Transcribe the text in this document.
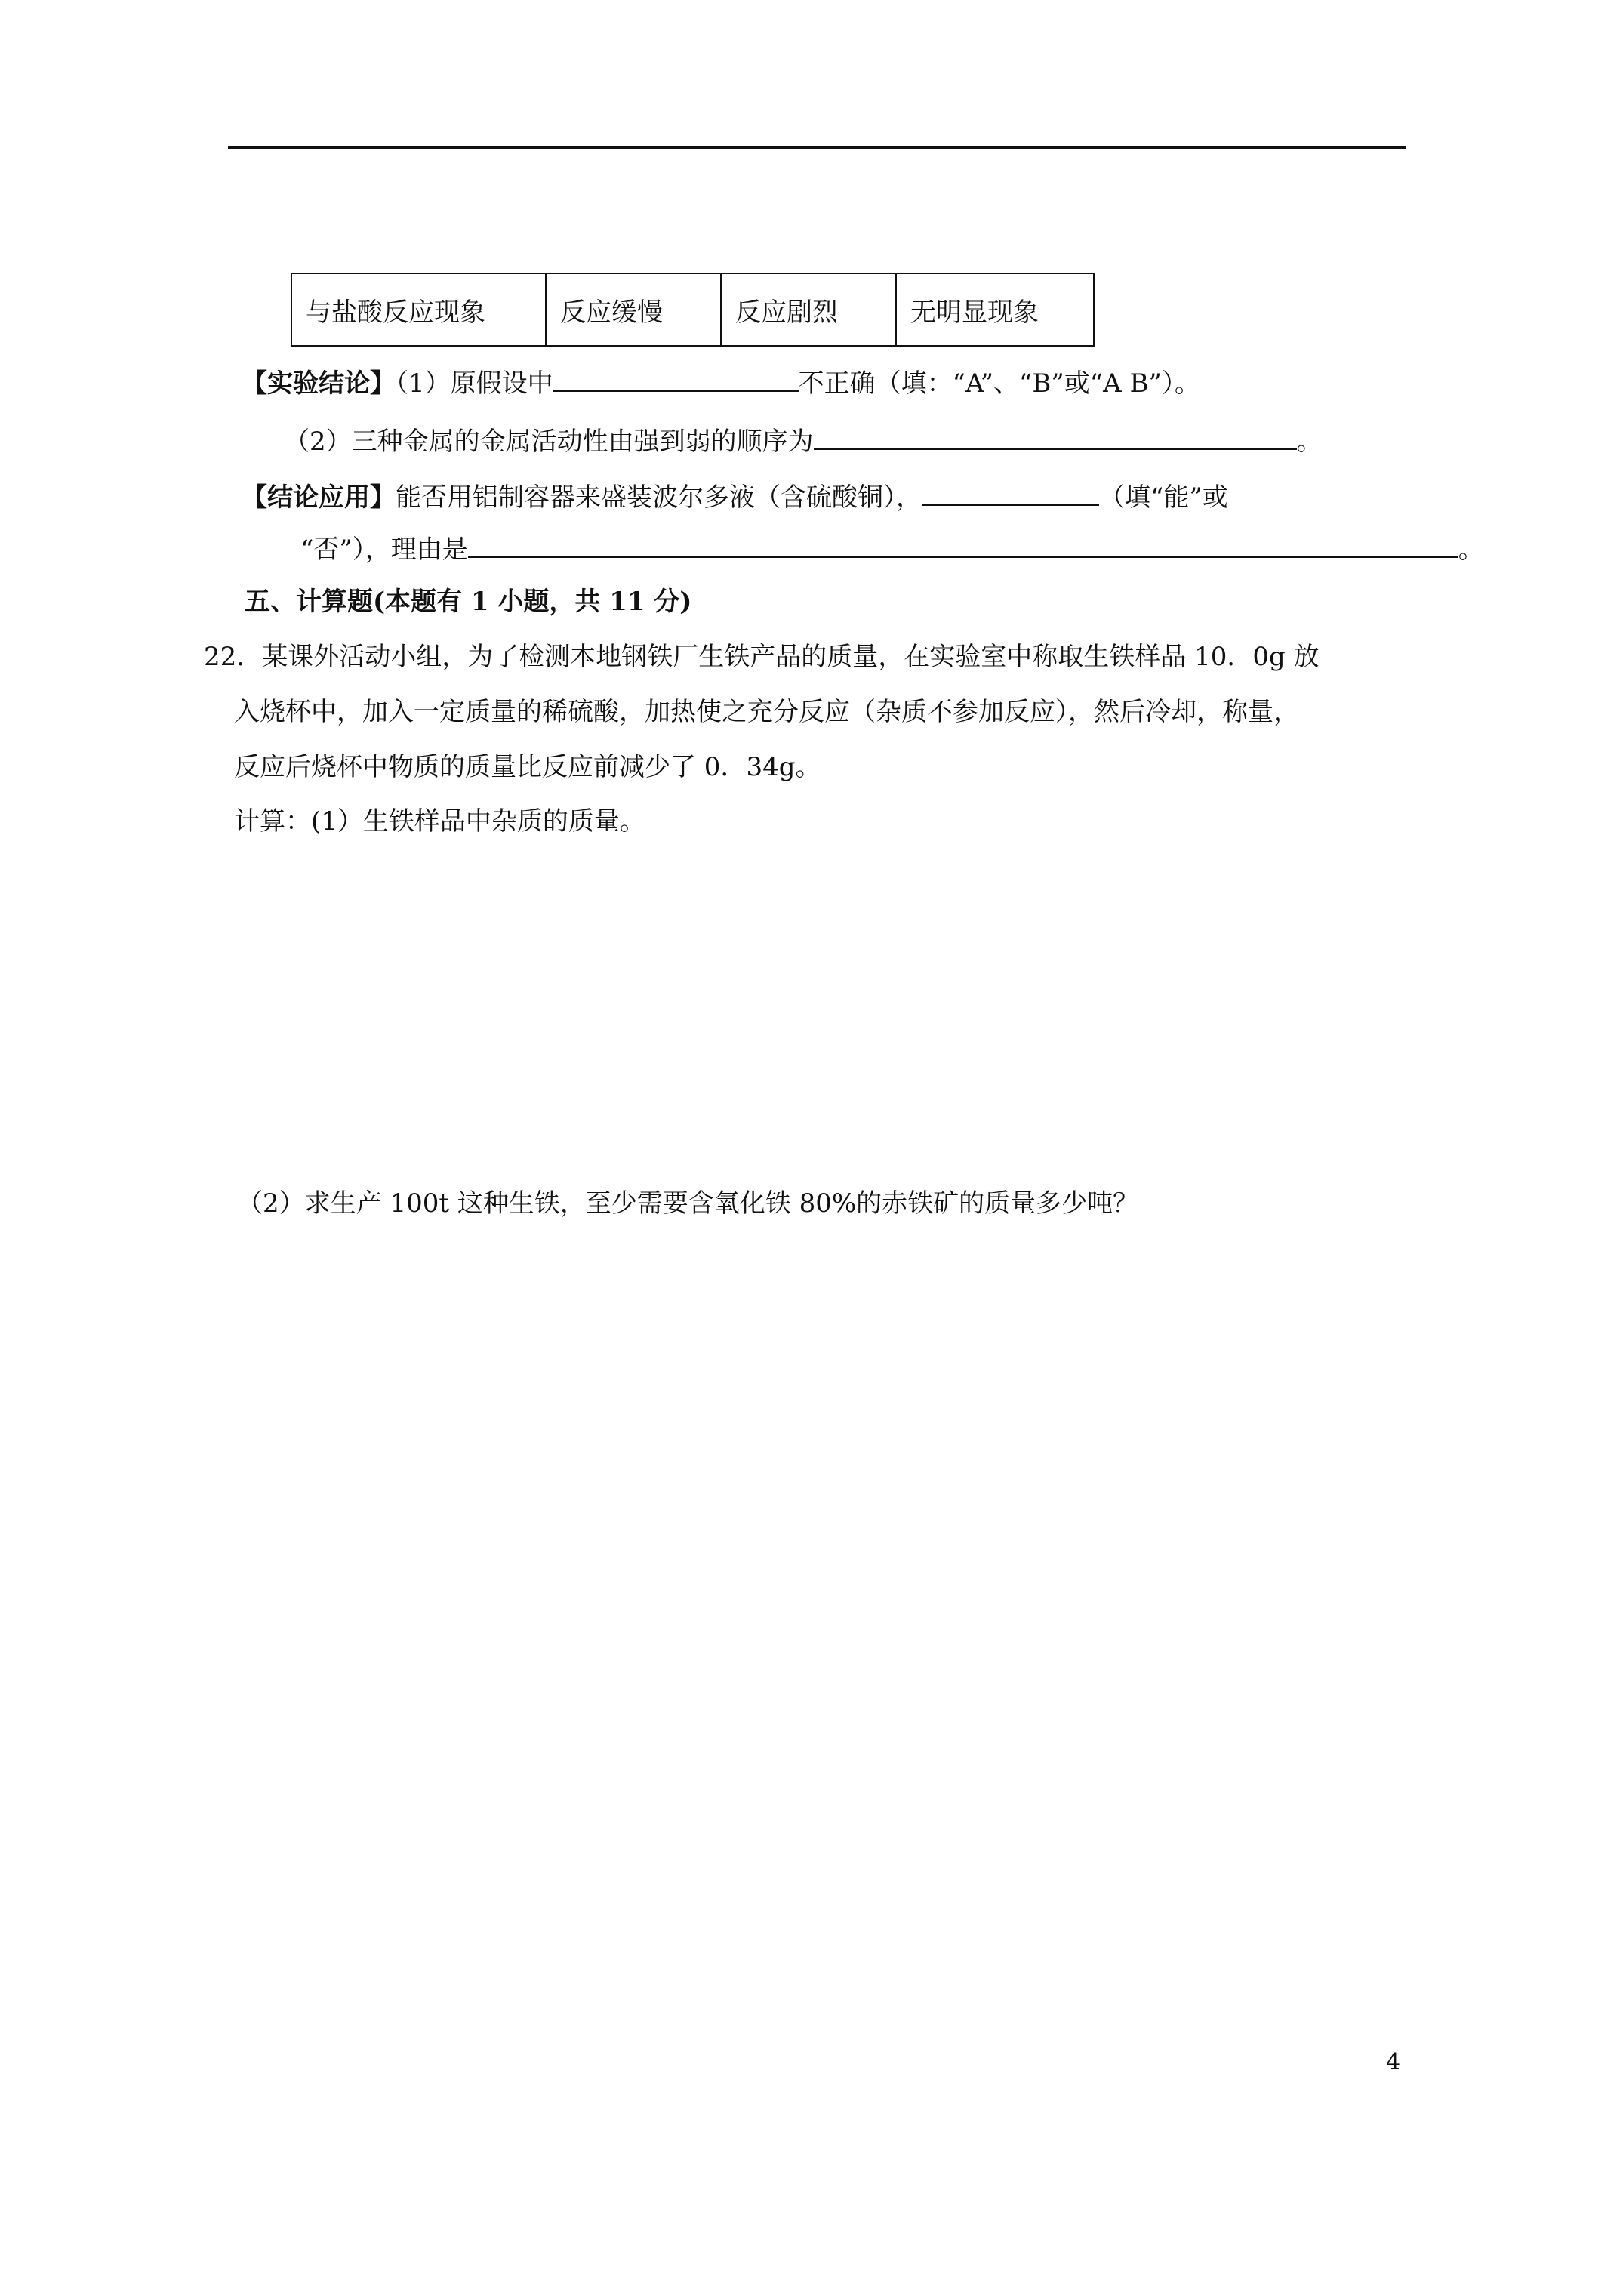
与盐酸反应现象	反应缓慢	反应剧烈	无明显现象
【实验结论】（1）原假设中	不正确（填：“A”、“B”或“A B”）。
（2）三种金属的金属活动性由强到弱的顺序为	。
【结论应用】能否用铝制容器来盛装波尔多液（含硫酸铜），	（填“能”或
“否”），理由是	。
五、计算题(本题有 1 小题，共 11 分)
22．某课外活动小组，为了检测本地钢铁厂生铁产品的质量，在实验室中称取生铁样品 10．0g 放
入烧杯中，加入一定质量的稀硫酸，加热使之充分反应（杂质不参加反应），然后冷却，称量，
反应后烧杯中物质的质量比反应前减少了 0．34g。
计算：(1）生铁样品中杂质的质量。
（2）求生产 100t 这种生铁，至少需要含氧化铁 80%的赤铁矿的质量多少吨？
4
